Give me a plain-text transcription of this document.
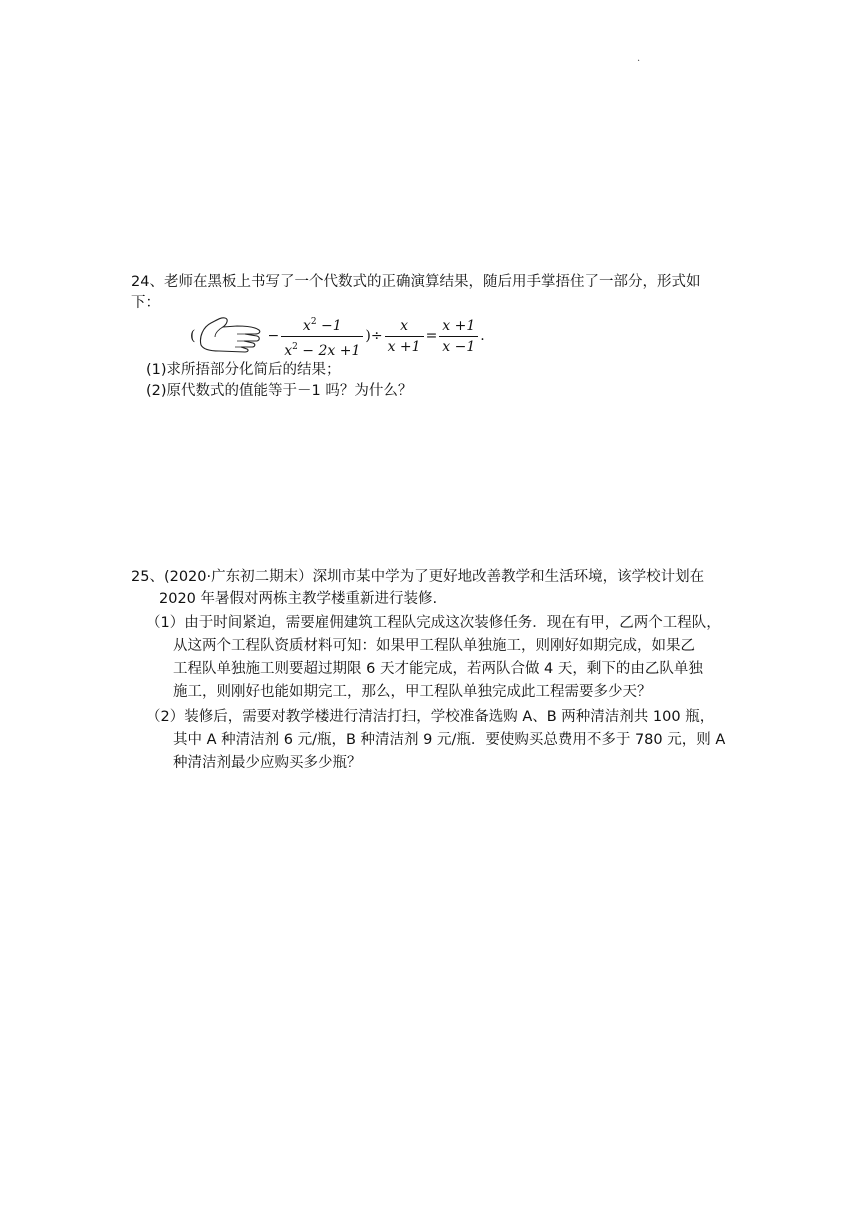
·
24、老师在黑板上书写了一个代数式的正确演算结果，随后用手掌捂住了一部分，形式如
下：
(	− $\frac{x^2 -1}{x^2 - 2x +1}$ )÷ $\frac{x}{x +1} = \frac{x +1}{x -1}$ .
(1)求所捂部分化简后的结果；
(2)原代数式的值能等于－1 吗？为什么？
25、(2020·广东初二期末）深圳市某中学为了更好地改善教学和生活环境，该学校计划在
2020 年暑假对两栋主教学楼重新进行装修.
（1）由于时间紧迫，需要雇佣建筑工程队完成这次装修任务．现在有甲，乙两个工程队，
从这两个工程队资质材料可知：如果甲工程队单独施工，则刚好如期完成，如果乙
工程队单独施工则要超过期限 6 天才能完成，若两队合做 4 天，剩下的由乙队单独
施工，则刚好也能如期完工，那么，甲工程队单独完成此工程需要多少天？
（2）装修后，需要对教学楼进行清洁打扫，学校准备选购 A、B 两种清洁剂共 100 瓶，
其中 A 种清洁剂 6 元/瓶，B 种清洁剂 9 元/瓶．要使购买总费用不多于 780 元，则 A
种清洁剂最少应购买多少瓶？
